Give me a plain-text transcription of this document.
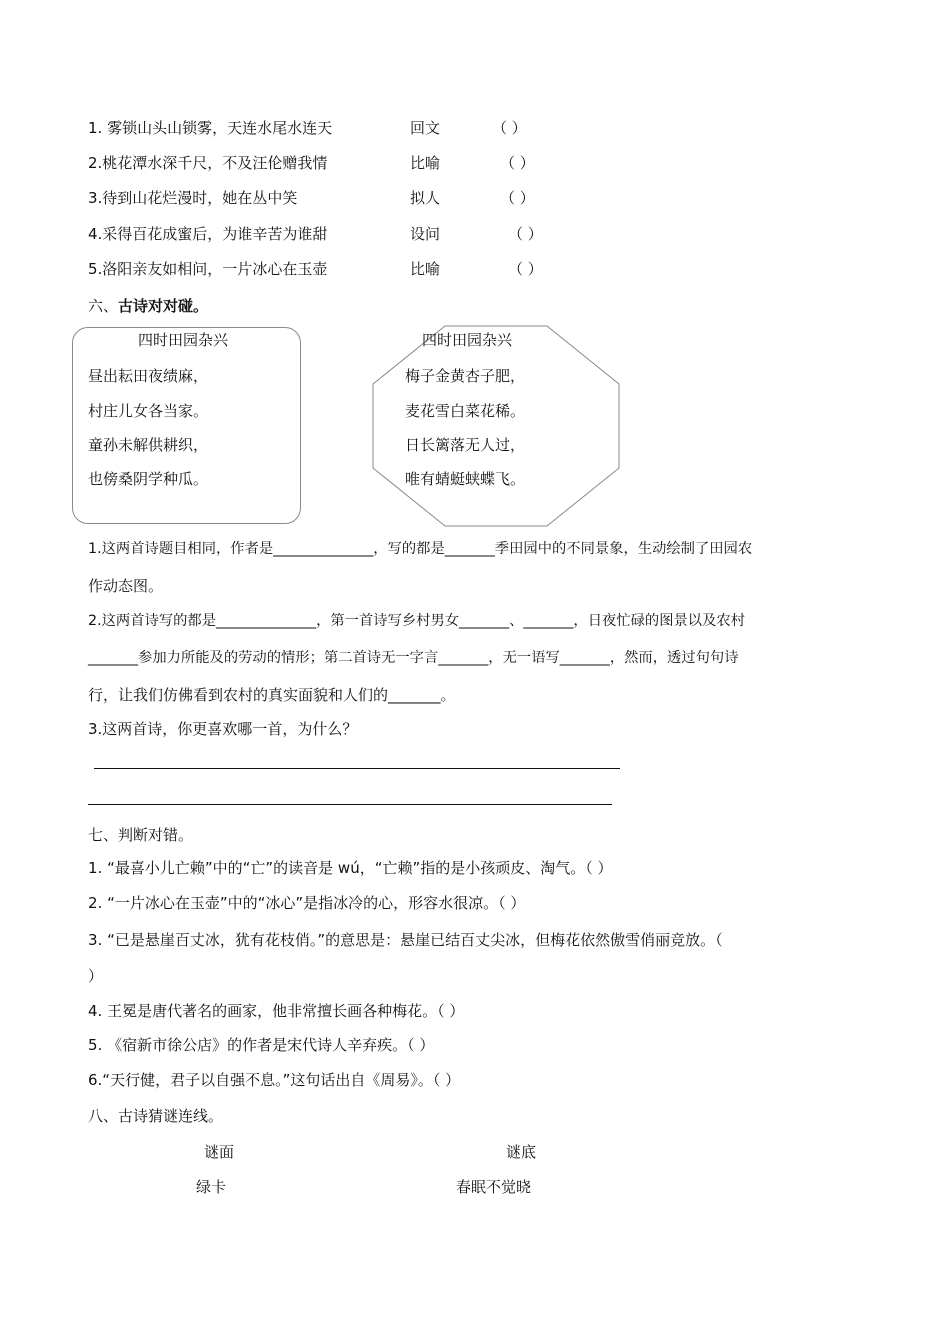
1. 雾锁山头山锁雾，天连水尾水连天	回文	（ ）
2.桃花潭水深千尺，不及汪伦赠我情	比喻	（ ）
3.待到山花烂漫时，她在丛中笑	拟人	（ ）
4.采得百花成蜜后，为谁辛苦为谁甜	设问	（ ）
5.洛阳亲友如相问，一片冰心在玉壶	比喻	（ ）
六、古诗对对碰。
四时田园杂兴
昼出耘田夜绩麻，
村庄儿女各当家。
童孙未解供耕织，
也傍桑阴学种瓜。
四时田园杂兴
梅子金黄杏子肥，
麦花雪白菜花稀。
日长篱落无人过，
唯有蜻蜓蛱蝶飞。
1.这两首诗题目相同，作者是______________，写的都是_______季田园中的不同景象，生动绘制了田园农
作动态图。
2.这两首诗写的都是______________，第一首诗写乡村男女_______、_______，日夜忙碌的图景以及农村
_______参加力所能及的劳动的情形；第二首诗无一字言_______，无一语写_______，然而，透过句句诗
行，让我们仿佛看到农村的真实面貌和人们的_______。
3.这两首诗，你更喜欢哪一首，为什么？
七、判断对错。
1. “最喜小儿亡赖”中的“亡”的读音是 wú，“亡赖”指的是小孩顽皮、淘气。（ ）
2. “一片冰心在玉壶”中的“冰心”是指冰冷的心，形容水很凉。（ ）
3. “已是悬崖百丈冰，犹有花枝俏。”的意思是：悬崖已结百丈尖冰，但梅花依然傲雪俏丽竞放。（
）
4. 王冕是唐代著名的画家，他非常擅长画各种梅花。（ ）
5. 《宿新市徐公店》的作者是宋代诗人辛弃疾。（ ）
6.“天行健，君子以自强不息。”这句话出自《周易》。（ ）
八、古诗猜谜连线。
谜面	谜底
绿卡	春眠不觉晓
